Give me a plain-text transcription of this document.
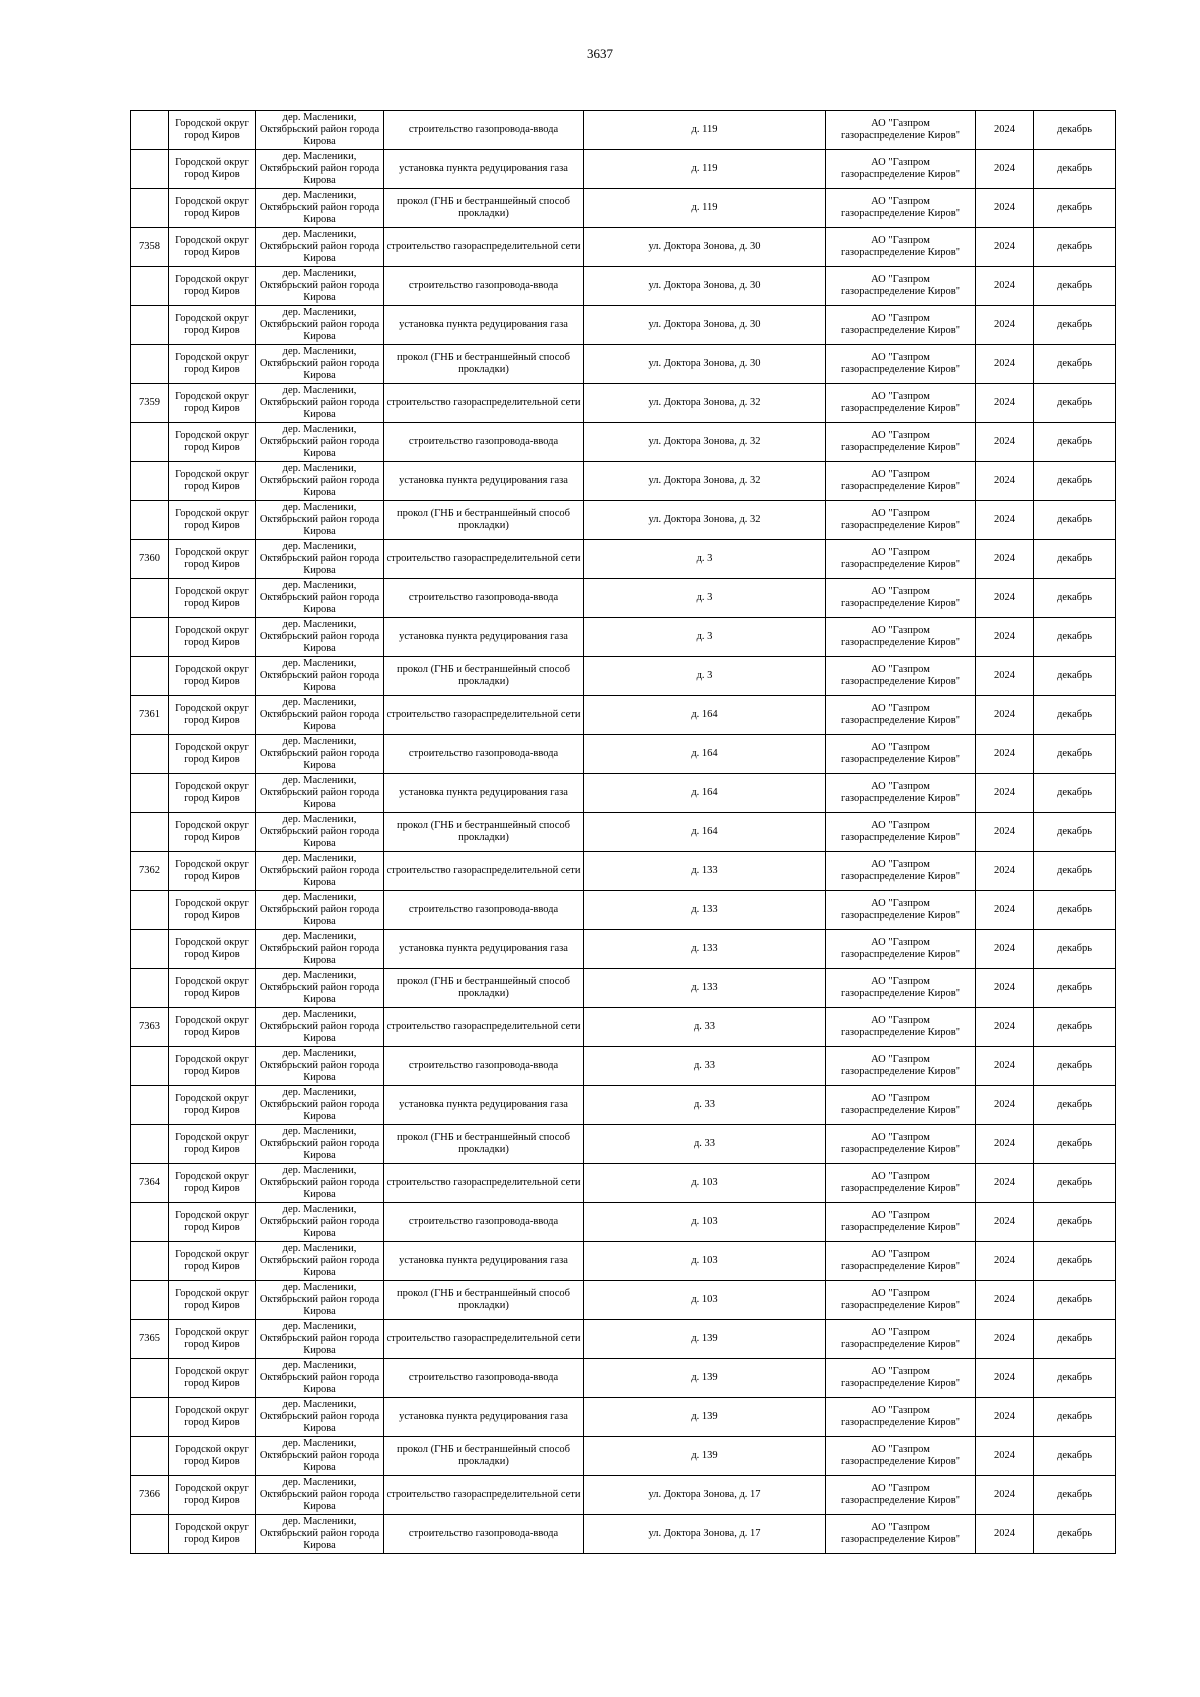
3637

	Городской округ
город Киров	дер. Масленики,
Октябрьский район города
Кирова	строительство газопровода-ввода	д. 119	АО "Газпром
газораспределение Киров"	2024	декабрь

	Городской округ
город Киров	дер. Масленики,
Октябрьский район города
Кирова	установка пункта редуцирования газа	д. 119	АО "Газпром
газораспределение Киров"	2024	декабрь

	Городской округ
город Киров	дер. Масленики,
Октябрьский район города
Кирова	прокол (ГНБ и бестраншейный способ прокладки)	д. 119	АО "Газпром
газораспределение Киров"	2024	декабрь
7358	Городской округ
город Киров	дер. Масленики,
Октябрьский район города
Кирова	строительство газораспределительной сети	ул. Доктора Зонова, д. 30	АО "Газпром
газораспределение Киров"	2024	декабрь

	Городской округ
город Киров	дер. Масленики,
Октябрьский район города
Кирова	строительство газопровода-ввода	ул. Доктора Зонова, д. 30	АО "Газпром
газораспределение Киров"	2024	декабрь

	Городской округ
город Киров	дер. Масленики,
Октябрьский район города
Кирова	установка пункта редуцирования газа	ул. Доктора Зонова, д. 30	АО "Газпром
газораспределение Киров"	2024	декабрь

	Городской округ
город Киров	дер. Масленики,
Октябрьский район города
Кирова	прокол (ГНБ и бестраншейный способ прокладки)	ул. Доктора Зонова, д. 30	АО "Газпром
газораспределение Киров"	2024	декабрь
7359	Городской округ
город Киров	дер. Масленики,
Октябрьский район города
Кирова	строительство газораспределительной сети	ул. Доктора Зонова, д. 32	АО "Газпром
газораспределение Киров"	2024	декабрь

	Городской округ
город Киров	дер. Масленики,
Октябрьский район города
Кирова	строительство газопровода-ввода	ул. Доктора Зонова, д. 32	АО "Газпром
газораспределение Киров"	2024	декабрь

	Городской округ
город Киров	дер. Масленики,
Октябрьский район города
Кирова	установка пункта редуцирования газа	ул. Доктора Зонова, д. 32	АО "Газпром
газораспределение Киров"	2024	декабрь

	Городской округ
город Киров	дер. Масленики,
Октябрьский район города
Кирова	прокол (ГНБ и бестраншейный способ прокладки)	ул. Доктора Зонова, д. 32	АО "Газпром
газораспределение Киров"	2024	декабрь
7360	Городской округ
город Киров	дер. Масленики,
Октябрьский район города
Кирова	строительство газораспределительной сети	д. 3	АО "Газпром
газораспределение Киров"	2024	декабрь

	Городской округ
город Киров	дер. Масленики,
Октябрьский район города
Кирова	строительство газопровода-ввода	д. 3	АО "Газпром
газораспределение Киров"	2024	декабрь

	Городской округ
город Киров	дер. Масленики,
Октябрьский район города
Кирова	установка пункта редуцирования газа	д. 3	АО "Газпром
газораспределение Киров"	2024	декабрь

	Городской округ
город Киров	дер. Масленики,
Октябрьский район города
Кирова	прокол (ГНБ и бестраншейный способ прокладки)	д. 3	АО "Газпром
газораспределение Киров"	2024	декабрь
7361	Городской округ
город Киров	дер. Масленики,
Октябрьский район города
Кирова	строительство газораспределительной сети	д. 164	АО "Газпром
газораспределение Киров"	2024	декабрь

	Городской округ
город Киров	дер. Масленики,
Октябрьский район города
Кирова	строительство газопровода-ввода	д. 164	АО "Газпром
газораспределение Киров"	2024	декабрь

	Городской округ
город Киров	дер. Масленики,
Октябрьский район города
Кирова	установка пункта редуцирования газа	д. 164	АО "Газпром
газораспределение Киров"	2024	декабрь

	Городской округ
город Киров	дер. Масленики,
Октябрьский район города
Кирова	прокол (ГНБ и бестраншейный способ прокладки)	д. 164	АО "Газпром
газораспределение Киров"	2024	декабрь
7362	Городской округ
город Киров	дер. Масленики,
Октябрьский район города
Кирова	строительство газораспределительной сети	д. 133	АО "Газпром
газораспределение Киров"	2024	декабрь

	Городской округ
город Киров	дер. Масленики,
Октябрьский район города
Кирова	строительство газопровода-ввода	д. 133	АО "Газпром
газораспределение Киров"	2024	декабрь

	Городской округ
город Киров	дер. Масленики,
Октябрьский район города
Кирова	установка пункта редуцирования газа	д. 133	АО "Газпром
газораспределение Киров"	2024	декабрь

	Городской округ
город Киров	дер. Масленики,
Октябрьский район города
Кирова	прокол (ГНБ и бестраншейный способ прокладки)	д. 133	АО "Газпром
газораспределение Киров"	2024	декабрь
7363	Городской округ
город Киров	дер. Масленики,
Октябрьский район города
Кирова	строительство газораспределительной сети	д. 33	АО "Газпром
газораспределение Киров"	2024	декабрь

	Городской округ
город Киров	дер. Масленики,
Октябрьский район города
Кирова	строительство газопровода-ввода	д. 33	АО "Газпром
газораспределение Киров"	2024	декабрь

	Городской округ
город Киров	дер. Масленики,
Октябрьский район города
Кирова	установка пункта редуцирования газа	д. 33	АО "Газпром
газораспределение Киров"	2024	декабрь

	Городской округ
город Киров	дер. Масленики,
Октябрьский район города
Кирова	прокол (ГНБ и бестраншейный способ прокладки)	д. 33	АО "Газпром
газораспределение Киров"	2024	декабрь
7364	Городской округ
город Киров	дер. Масленики,
Октябрьский район города
Кирова	строительство газораспределительной сети	д. 103	АО "Газпром
газораспределение Киров"	2024	декабрь

	Городской округ
город Киров	дер. Масленики,
Октябрьский район города
Кирова	строительство газопровода-ввода	д. 103	АО "Газпром
газораспределение Киров"	2024	декабрь

	Городской округ
город Киров	дер. Масленики,
Октябрьский район города
Кирова	установка пункта редуцирования газа	д. 103	АО "Газпром
газораспределение Киров"	2024	декабрь

	Городской округ
город Киров	дер. Масленики,
Октябрьский район города
Кирова	прокол (ГНБ и бестраншейный способ прокладки)	д. 103	АО "Газпром
газораспределение Киров"	2024	декабрь
7365	Городской округ
город Киров	дер. Масленики,
Октябрьский район города
Кирова	строительство газораспределительной сети	д. 139	АО "Газпром
газораспределение Киров"	2024	декабрь

	Городской округ
город Киров	дер. Масленики,
Октябрьский район города
Кирова	строительство газопровода-ввода	д. 139	АО "Газпром
газораспределение Киров"	2024	декабрь

	Городской округ
город Киров	дер. Масленики,
Октябрьский район города
Кирова	установка пункта редуцирования газа	д. 139	АО "Газпром
газораспределение Киров"	2024	декабрь

	Городской округ
город Киров	дер. Масленики,
Октябрьский район города
Кирова	прокол (ГНБ и бестраншейный способ прокладки)	д. 139	АО "Газпром
газораспределение Киров"	2024	декабрь
7366	Городской округ
город Киров	дер. Масленики,
Октябрьский район города
Кирова	строительство газораспределительной сети	ул. Доктора Зонова, д. 17	АО "Газпром
газораспределение Киров"	2024	декабрь

	Городской округ
город Киров	дер. Масленики,
Октябрьский район города
Кирова	строительство газопровода-ввода	ул. Доктора Зонова, д. 17	АО "Газпром
газораспределение Киров"	2024	декабрь
